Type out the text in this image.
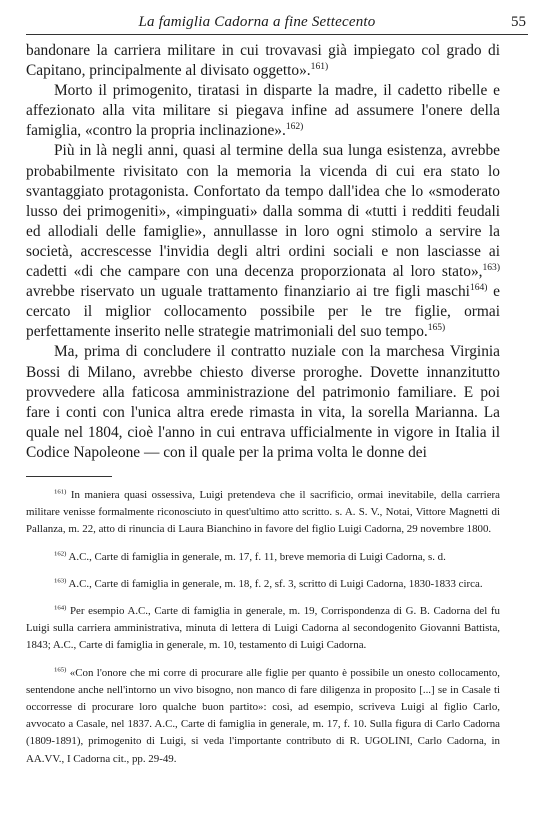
La famiglia Cadorna a fine Settecento	55

bandonare la carriera militare in cui trovavasi già impiegato col grado di Capitano, principalmente al divisato oggetto».$^{161)}$

Morto il primogenito, tiratasi in disparte la madre, il cadetto ribelle e affezionato alla vita militare si piegava infine ad assumere l'onere della famiglia, «contro la propria inclinazione».$^{162)}$

Più in là negli anni, quasi al termine della sua lunga esistenza, avrebbe probabilmente rivisitato con la memoria la vicenda di cui era stato lo svantaggiato protagonista. Confortato da tempo dall'idea che lo «smoderato lusso dei primogeniti», «impinguati» dalla somma di «tutti i redditi feudali ed allodiali delle famiglie», annullasse in loro ogni stimolo a servire la società, accrescesse l'invidia degli altri ordini sociali e non lasciasse ai cadetti «di che campare con una decenza proporzionata al loro stato»,$^{163)}$ avrebbe riservato un uguale trattamento finanziario ai tre figli maschi$^{164)}$ e cercato il miglior collocamento possibile per le tre figlie, ormai perfettamente inserito nelle strategie matrimoniali del suo tempo.$^{165)}$

Ma, prima di concludere il contratto nuziale con la marchesa Virginia Bossi di Milano, avrebbe chiesto diverse proroghe. Dovette innanzitutto provvedere alla faticosa amministrazione del patrimonio familiare. E poi fare i conti con l'unica altra erede rimasta in vita, la sorella Marianna. La quale nel 1804, cioè l'anno in cui entrava ufficialmente in vigore in Italia il Codice Napoleone — con il quale per la prima volta le donne dei

$^{161)}$ In maniera quasi ossessiva, Luigi pretendeva che il sacrificio, ormai inevitabile, della carriera militare venisse formalmente riconosciuto in quest'ultimo atto scritto. s. A. S. V., Notai, Vittore Magnetti di Pallanza, m. 22, atto di rinuncia di Laura Bianchino in favore del figlio Luigi Cadorna, 29 novembre 1800.

$^{162)}$ A.C., Carte di famiglia in generale, m. 17, f. 11, breve memoria di Luigi Cadorna, s. d.

$^{163)}$ A.C., Carte di famiglia in generale, m. 18, f. 2, sf. 3, scritto di Luigi Cadorna, 1830-1833 circa.

$^{164)}$ Per esempio A.C., Carte di famiglia in generale, m. 19, Corrispondenza di G. B. Cadorna del fu Luigi sulla carriera amministrativa, minuta di lettera di Luigi Cadorna al secondogenito Giovanni Battista, 1843; A.C., Carte di famiglia in generale, m. 10, testamento di Luigi Cadorna.

$^{165)}$ «Con l'onore che mi corre di procurare alle figlie per quanto è possibile un onesto collocamento, sentendone anche nell'intorno un vivo bisogno, non manco di fare diligenza in proposito [...] se in Casale ti occorresse di procurare loro qualche buon partito»: così, ad esempio, scriveva Luigi al figlio Carlo, avvocato a Casale, nel 1837. A.C., Carte di famiglia in generale, m. 17, f. 10. Sulla figura di Carlo Cadorna (1809-1891), primogenito di Luigi, si veda l'importante contributo di R. UGOLINI, Carlo Cadorna, in AA.VV., I Cadorna cit., pp. 29-49.
